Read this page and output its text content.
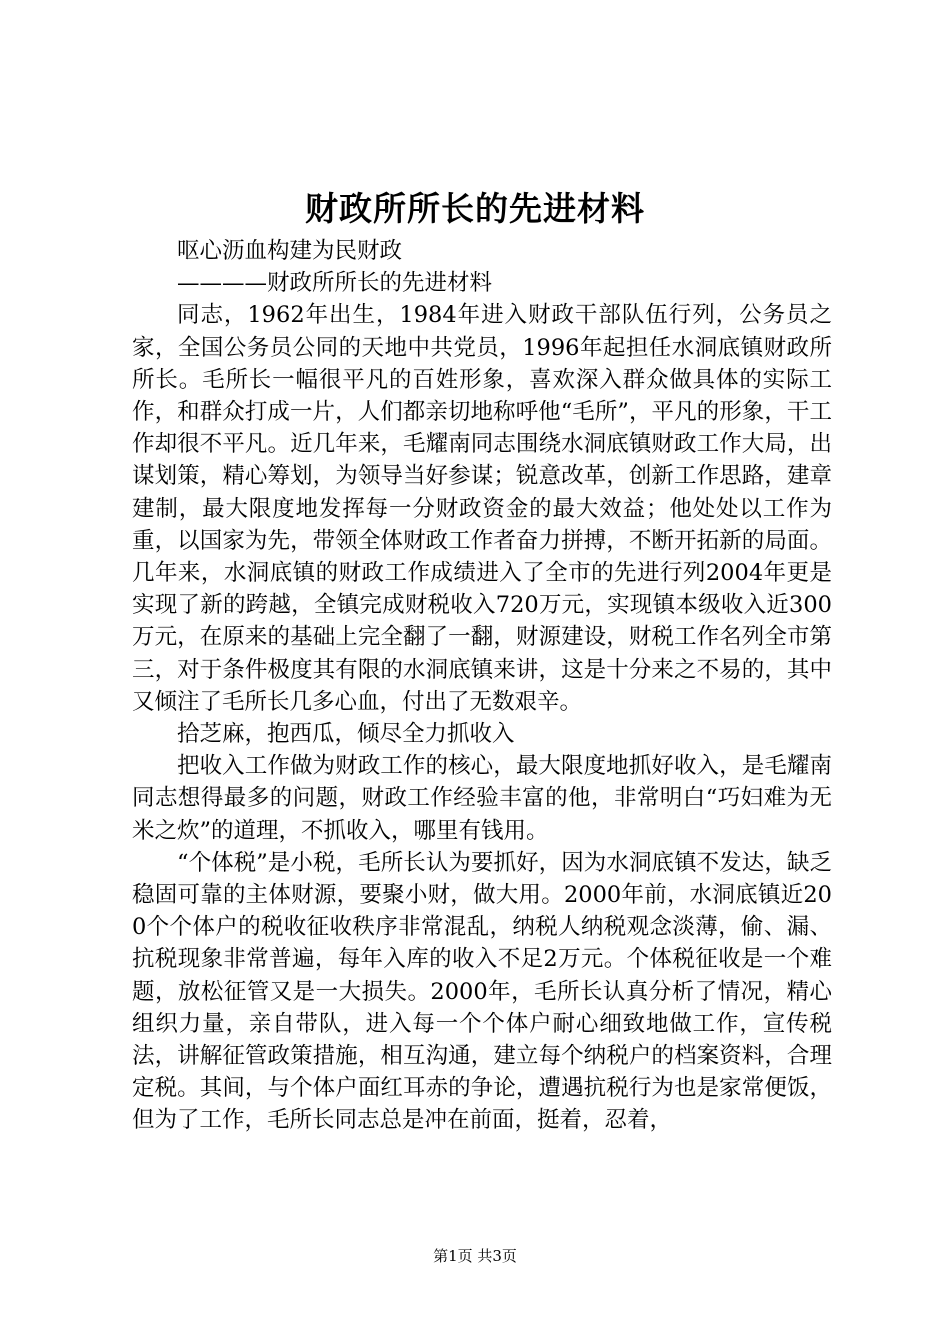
财政所所长的先进材料

呕心沥血构建为民财政

————财政所所长的先进材料

同志，1962年出生，1984年进入财政干部队伍行列，公务员之家，全国公务员公同的天地中共党员，1996年起担任水洞底镇财政所所长。毛所长一幅很平凡的百姓形象，喜欢深入群众做具体的实际工作，和群众打成一片，人们都亲切地称呼他“毛所”，平凡的形象，干工作却很不平凡。近几年来，毛耀南同志围绕水洞底镇财政工作大局，出谋划策，精心筹划，为领导当好参谋；锐意改革，创新工作思路，建章建制，最大限度地发挥每一分财政资金的最大效益；他处处以工作为重，以国家为先，带领全体财政工作者奋力拼搏，不断开拓新的局面。几年来，水洞底镇的财政工作成绩进入了全市的先进行列2004年更是实现了新的跨越，全镇完成财税收入720万元，实现镇本级收入近300万元，在原来的基础上完全翻了一翻，财源建设，财税工作名列全市第三，对于条件极度其有限的水洞底镇来讲，这是十分来之不易的，其中又倾注了毛所长几多心血，付出了无数艰辛。

拾芝麻，抱西瓜，倾尽全力抓收入

把收入工作做为财政工作的核心，最大限度地抓好收入，是毛耀南同志想得最多的问题，财政工作经验丰富的他，非常明白“巧妇难为无米之炊”的道理，不抓收入，哪里有钱用。

“个体税”是小税，毛所长认为要抓好，因为水洞底镇不发达，缺乏稳固可靠的主体财源，要聚小财，做大用。2000年前，水洞底镇近200个个体户的税收征收秩序非常混乱，纳税人纳税观念淡薄，偷、漏、抗税现象非常普遍，每年入库的收入不足2万元。个体税征收是一个难题，放松征管又是一大损失。2000年，毛所长认真分析了情况，精心组织力量，亲自带队，进入每一个个体户耐心细致地做工作，宣传税法，讲解征管政策措施，相互沟通，建立每个纳税户的档案资料，合理定税。其间，与个体户面红耳赤的争论，遭遇抗税行为也是家常便饭，但为了工作，毛所长同志总是冲在前面，挺着，忍着，

第1页 共3页
